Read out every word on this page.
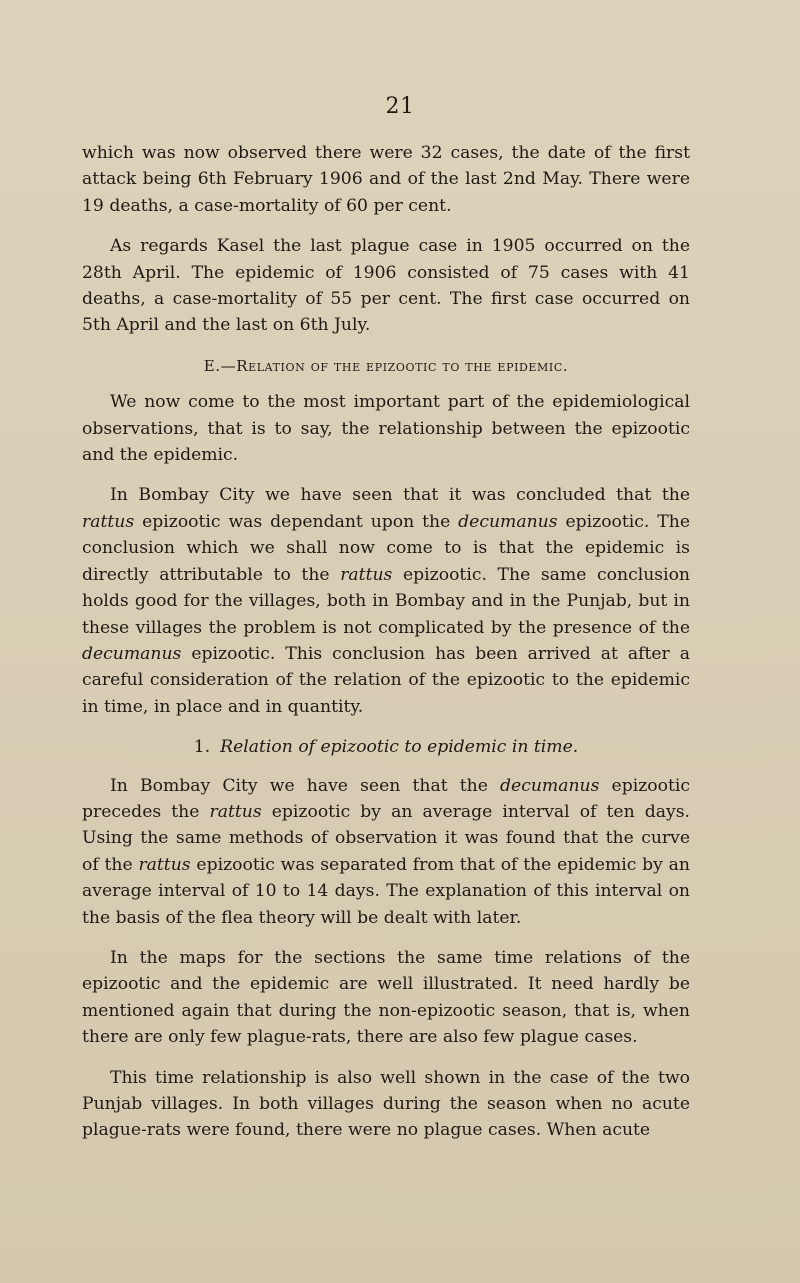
21

which was now observed there were 32 cases, the date of the first attack being 6th February 1906 and of the last 2nd May. There were 19 deaths, a case-mortality of 60 per cent.

As regards Kasel the last plague case in 1905 occurred on the 28th April. The epidemic of 1906 consisted of 75 cases with 41 deaths, a case-mortality of 55 per cent. The first case occurred on 5th April and the last on 6th July.

E.—Relation of the epizootic to the epidemic.

We now come to the most important part of the epidemiological observations, that is to say, the relationship between the epizootic and the epidemic.

In Bombay City we have seen that it was concluded that the rattus epizootic was dependant upon the decumanus epizootic. The conclusion which we shall now come to is that the epidemic is directly attributable to the rattus epizootic. The same conclusion holds good for the villages, both in Bombay and in the Punjab, but in these villages the problem is not complicated by the presence of the decumanus epizootic. This conclusion has been arrived at after a careful consideration of the relation of the epizootic to the epidemic in time, in place and in quantity.

1. Relation of epizootic to epidemic in time.

In Bombay City we have seen that the decumanus epizootic precedes the rattus epizootic by an average interval of ten days. Using the same methods of observation it was found that the curve of the rattus epizootic was separated from that of the epidemic by an average interval of 10 to 14 days. The explanation of this interval on the basis of the flea theory will be dealt with later.

In the maps for the sections the same time relations of the epizootic and the epidemic are well illustrated. It need hardly be mentioned again that during the non-epizootic season, that is, when there are only few plague-rats, there are also few plague cases.

This time relationship is also well shown in the case of the two Punjab villages. In both villages during the season when no acute plague-rats were found, there were no plague cases. When acute
